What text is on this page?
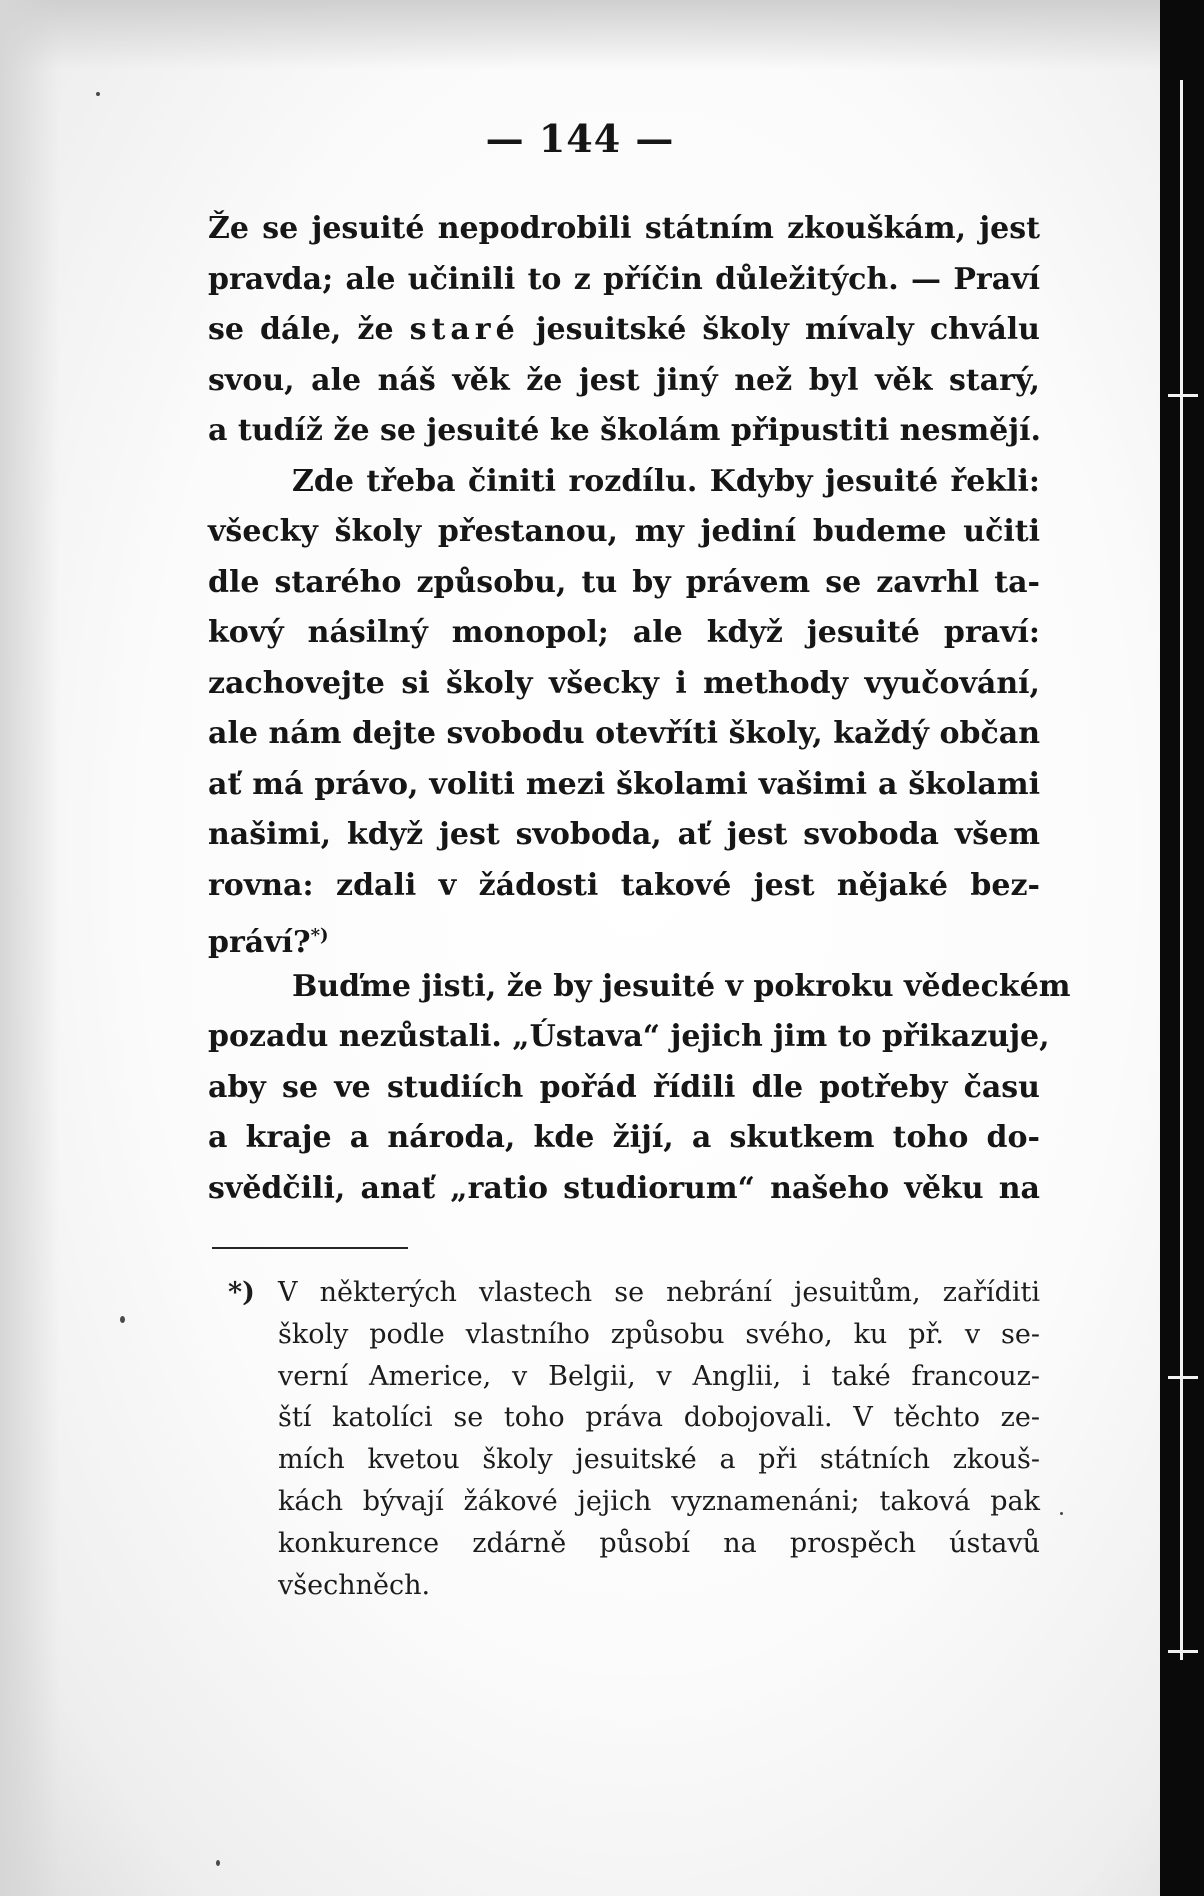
— 144 —
Že se jesuité nepodrobili státním zkouškám, jest
pravda; ale učinili to z příčin důležitých. — Praví
se dále, že staré jesuitské školy mívaly chválu
svou, ale náš věk že jest jiný než byl věk starý,
a tudíž že se jesuité ke školám připustiti nesmějí.
Zde třeba činiti rozdílu. Kdyby jesuité řekli:
všecky školy přestanou, my jediní budeme učiti
dle starého způsobu, tu by právem se zavrhl ta-
kový násilný monopol; ale když jesuité praví:
zachovejte si školy všecky i methody vyučování,
ale nám dejte svobodu otevříti školy, každý občan
ať má právo, voliti mezi školami vašimi a školami
našimi, když jest svoboda, ať jest svoboda všem
rovna: zdali v žádosti takové jest nějaké bez-
práví?*)
Buďme jisti, že by jesuité v pokroku vědeckém
pozadu nezůstali. „Ústava“ jejich jim to přikazuje,
aby se ve studiích pořád řídili dle potřeby času
a kraje a národa, kde žijí, a skutkem toho do-
svědčili, anať „ratio studiorum“ našeho věku na
*) V některých vlastech se nebrání jesuitům, zaříditi
školy podle vlastního způsobu svého, ku př. v se-
verní Americe, v Belgii, v Anglii, i také francouz-
ští katolíci se toho práva dobojovali. V těchto ze-
mích kvetou školy jesuitské a při státních zkouš-
kách bývají žákové jejich vyznamenáni; taková pak
konkurence zdárně působí na prospěch ústavů
všechněch.
